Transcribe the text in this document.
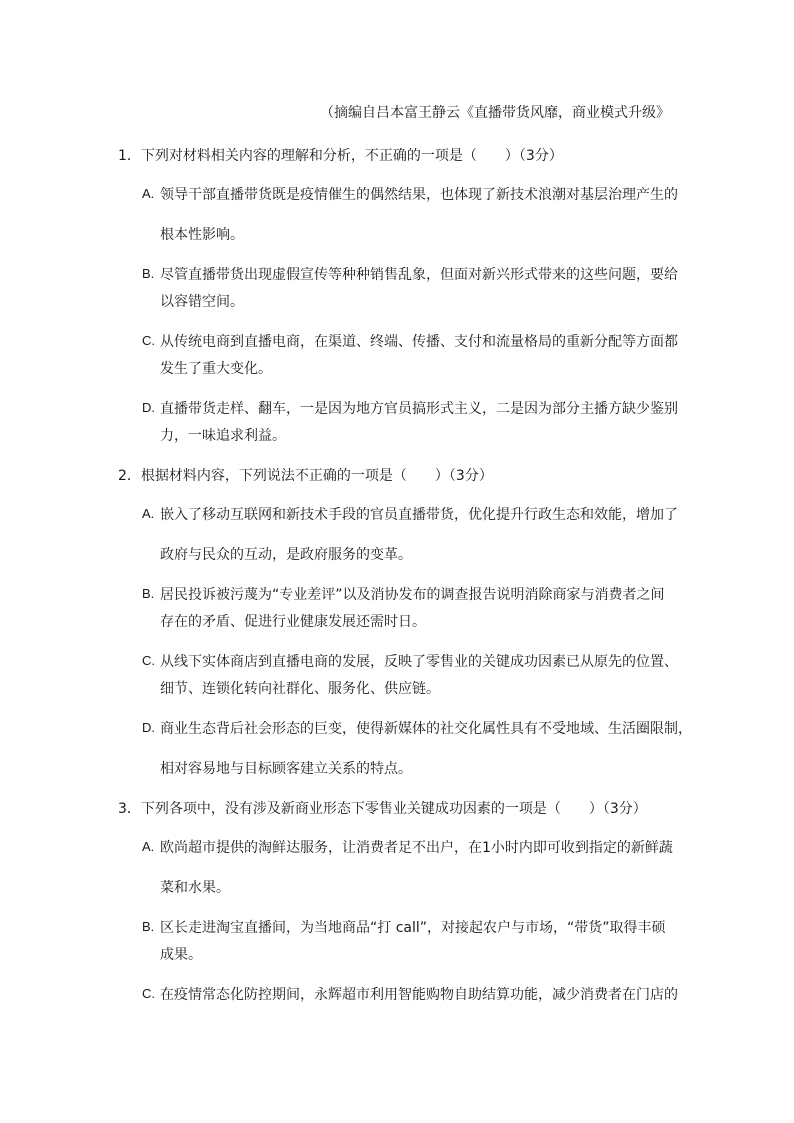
（摘编自吕本富王静云《直播带货风靡，商业模式升级》
1．下列对材料相关内容的理解和分析，不正确的一项是（　　）（3分）
A. 领导干部直播带货既是疫情催生的偶然结果，也体现了新技术浪潮对基层治理产生的
根本性影响。
B. 尽管直播带货出现虚假宣传等种种销售乱象，但面对新兴形式带来的这些问题，要给
以容错空间。
C. 从传统电商到直播电商，在渠道、终端、传播、支付和流量格局的重新分配等方面都
发生了重大变化。
D. 直播带货走样、翻车，一是因为地方官员搞形式主义，二是因为部分主播方缺少鉴别
力，一味追求利益。
2．根据材料内容，下列说法不正确的一项是（　　）（3分）
A. 嵌入了移动互联网和新技术手段的官员直播带货，优化提升行政生态和效能，增加了
政府与民众的互动，是政府服务的变革。
B. 居民投诉被污蔑为“专业差评”以及消协发布的调查报告说明消除商家与消费者之间
存在的矛盾、促进行业健康发展还需时日。
C. 从线下实体商店到直播电商的发展，反映了零售业的关键成功因素已从原先的位置、
细节、连锁化转向社群化、服务化、供应链。
D. 商业生态背后社会形态的巨变，使得新媒体的社交化属性具有不受地域、生活圈限制，
相对容易地与目标顾客建立关系的特点。
3．下列各项中，没有涉及新商业形态下零售业关键成功因素的一项是（　　）（3分）
A. 欧尚超市提供的淘鲜达服务，让消费者足不出户，在1小时内即可收到指定的新鲜蔬
菜和水果。
B. 区长走进淘宝直播间，为当地商品“打 call”，对接起农户与市场，“带货”取得丰硕
成果。
C. 在疫情常态化防控期间，永辉超市利用智能购物自助结算功能，减少消费者在门店的
